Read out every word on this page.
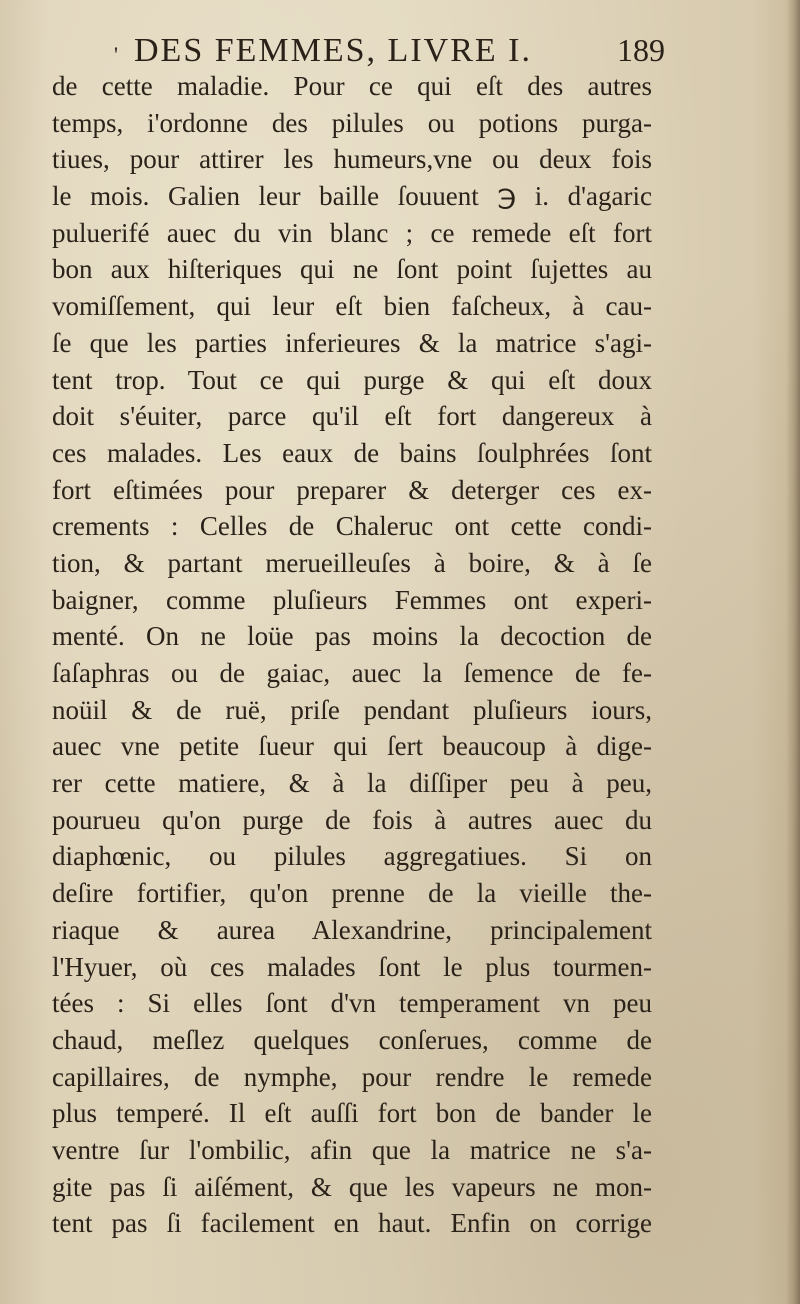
' DES FEMMES, LIVRE I.	189
de cette maladie. Pour ce qui eſt des autres
temps, i'ordonne des pilules ou potions purga-
tiues, pour attirer les humeurs,vne ou deux fois
le mois. Galien leur baille ſouuent ℈ i. d'agaric
puluerifé auec du vin blanc ; ce remede eſt fort
bon aux hiſteriques qui ne ſont point ſujettes au
vomiſſement, qui leur eſt bien faſcheux, à cau-
ſe que les parties inferieures & la matrice s'agi-
tent trop. Tout ce qui purge & qui eſt doux
doit s'éuiter, parce qu'il eſt fort dangereux à
ces malades. Les eaux de bains ſoulphrées ſont
fort eſtimées pour preparer & deterger ces ex-
crements : Celles de Chaleruc ont cette condi-
tion, & partant merueilleuſes à boire, & à ſe
baigner, comme pluſieurs Femmes ont experi-
menté. On ne loüe pas moins la decoction de
ſaſaphras ou de gaiac, auec la ſemence de fe-
noüil & de ruë, priſe pendant pluſieurs iours,
auec vne petite ſueur qui ſert beaucoup à dige-
rer cette matiere, & à la diſſiper peu à peu,
pourueu qu'on purge de fois à autres auec du
diaphœnic, ou pilules aggregatiues. Si on
deſire fortifier, qu'on prenne de la vieille the-
riaque & aurea Alexandrine, principalement
l'Hyuer, où ces malades ſont le plus tourmen-
tées : Si elles ſont d'vn temperament vn peu
chaud, meſlez quelques conſerues, comme de
capillaires, de nymphe, pour rendre le remede
plus temperé. Il eſt auſſi fort bon de bander le
ventre ſur l'ombilic, afin que la matrice ne s'a-
gite pas ſi aiſément, & que les vapeurs ne mon-
tent pas ſi facilement en haut. Enfin on corrige
